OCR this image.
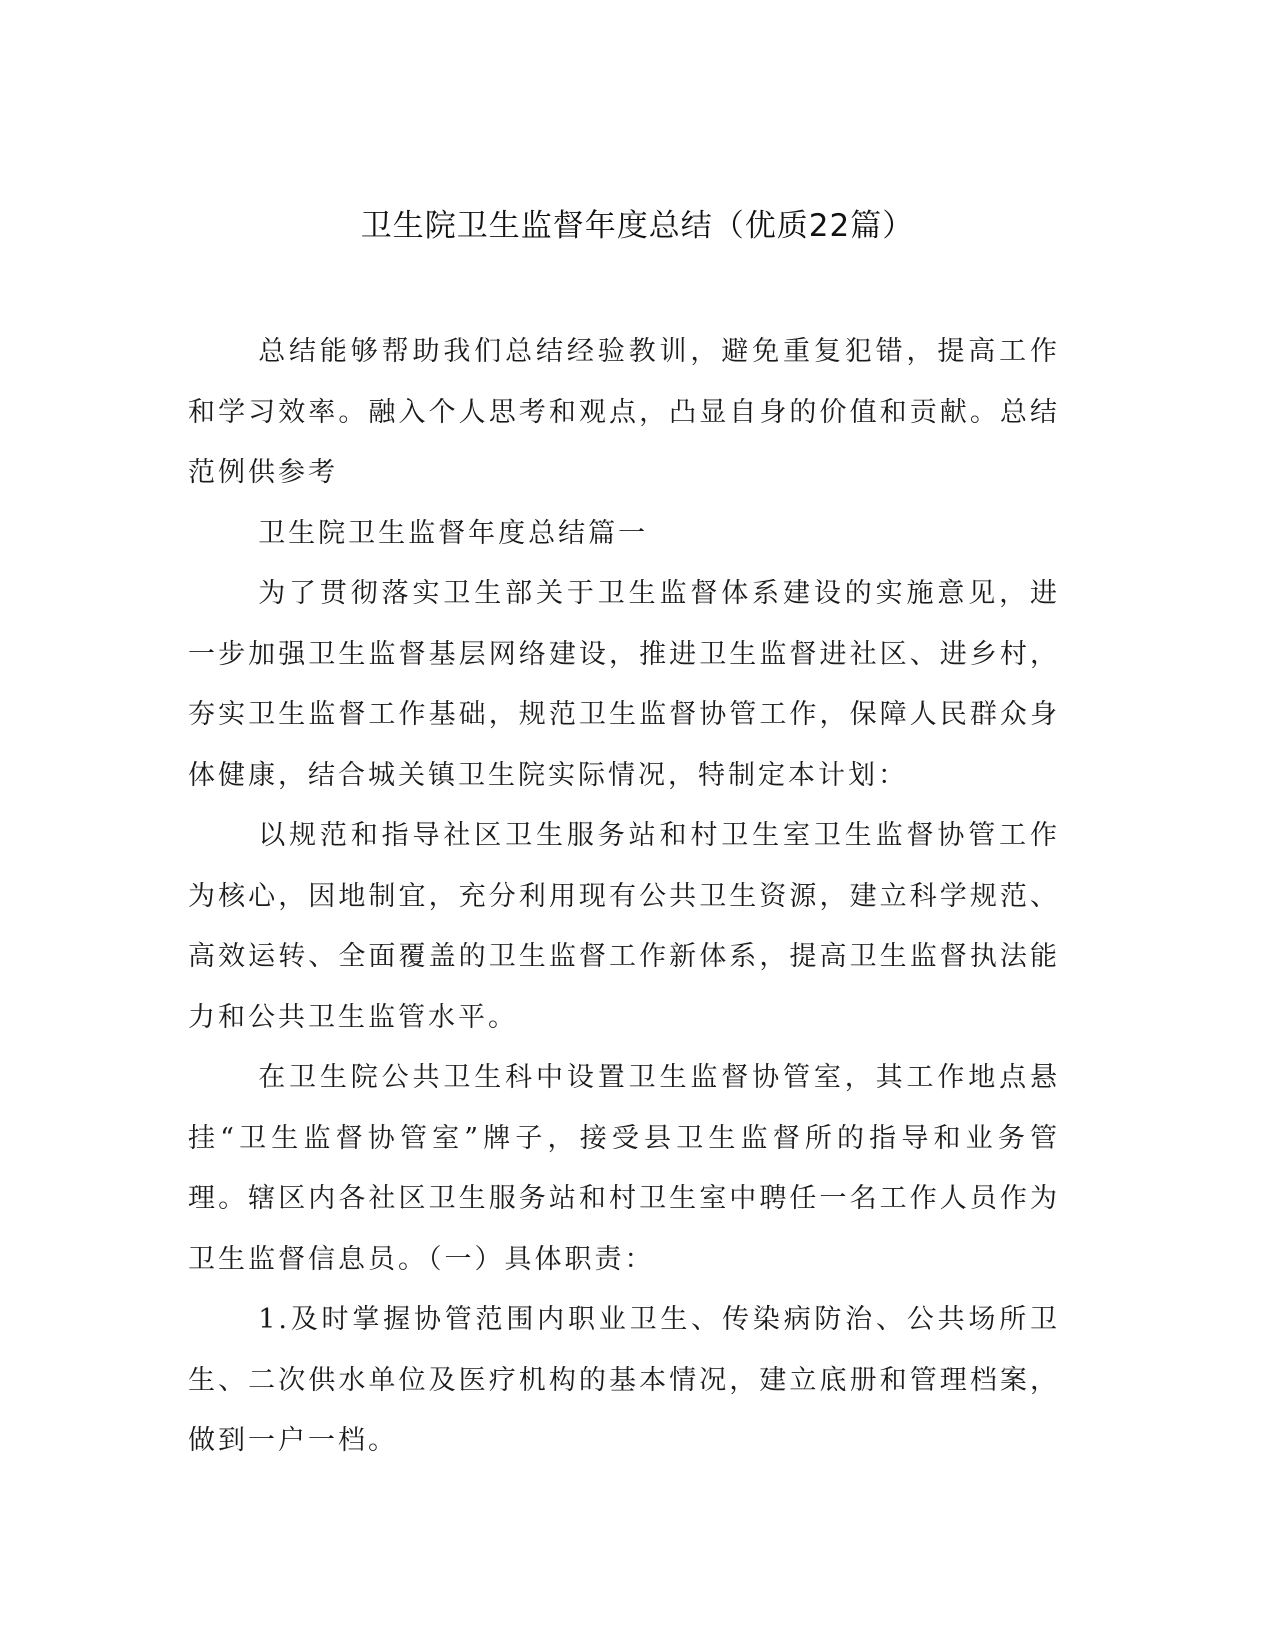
卫生院卫生监督年度总结（优质22篇）

总结能够帮助我们总结经验教训，避免重复犯错，提高工作和学习效率。融入个人思考和观点，凸显自身的价值和贡献。总结范例供参考

卫生院卫生监督年度总结篇一

为了贯彻落实卫生部关于卫生监督体系建设的实施意见，进一步加强卫生监督基层网络建设，推进卫生监督进社区、进乡村，夯实卫生监督工作基础，规范卫生监督协管工作，保障人民群众身体健康，结合城关镇卫生院实际情况，特制定本计划：

以规范和指导社区卫生服务站和村卫生室卫生监督协管工作为核心，因地制宜，充分利用现有公共卫生资源，建立科学规范、高效运转、全面覆盖的卫生监督工作新体系，提高卫生监督执法能力和公共卫生监管水平。

在卫生院公共卫生科中设置卫生监督协管室，其工作地点悬挂“卫生监督协管室”牌子，接受县卫生监督所的指导和业务管理。辖区内各社区卫生服务站和村卫生室中聘任一名工作人员作为卫生监督信息员。（一）具体职责：

1.及时掌握协管范围内职业卫生、传染病防治、公共场所卫生、二次供水单位及医疗机构的基本情况，建立底册和管理档案，做到一户一档。
